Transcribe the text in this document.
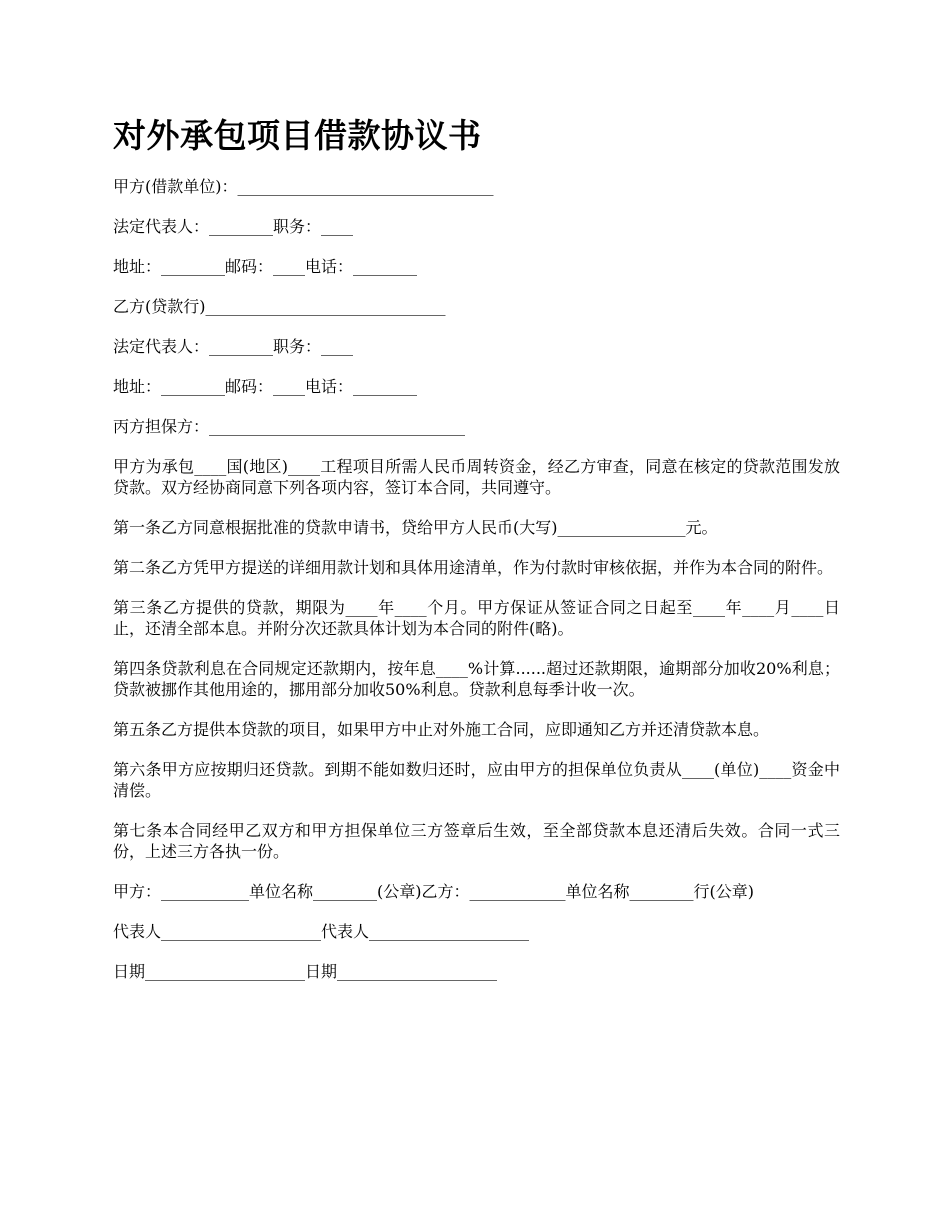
对外承包项目借款协议书

甲方(借款单位)：________________________________

法定代表人：________职务：____

地址：________邮码：____电话：________

乙方(贷款行)______________________________

法定代表人：________职务：____

地址：________邮码：____电话：________

丙方担保方：________________________________

甲方为承包____国(地区)____工程项目所需人民币周转资金，经乙方审查，同意在核定的贷款范围发放贷款。双方经协商同意下列各项内容，签订本合同，共同遵守。

第一条乙方同意根据批准的贷款申请书，贷给甲方人民币(大写)________________元。

第二条乙方凭甲方提送的详细用款计划和具体用途清单，作为付款时审核依据，并作为本合同的附件。

第三条乙方提供的贷款，期限为____年____个月。甲方保证从签证合同之日起至____年____月____日止，还清全部本息。并附分次还款具体计划为本合同的附件(略)。

第四条贷款利息在合同规定还款期内，按年息____%计算......超过还款期限，逾期部分加收20%利息；贷款被挪作其他用途的，挪用部分加收50%利息。贷款利息每季计收一次。

第五条乙方提供本贷款的项目，如果甲方中止对外施工合同，应即通知乙方并还清贷款本息。

第六条甲方应按期归还贷款。到期不能如数归还时，应由甲方的担保单位负责从____(单位)____资金中清偿。

第七条本合同经甲乙双方和甲方担保单位三方签章后生效，至全部贷款本息还清后失效。合同一式三份，上述三方各执一份。

甲方：___________单位名称________(公章)乙方：____________单位名称________行(公章)

代表人____________________代表人____________________

日期____________________日期____________________
